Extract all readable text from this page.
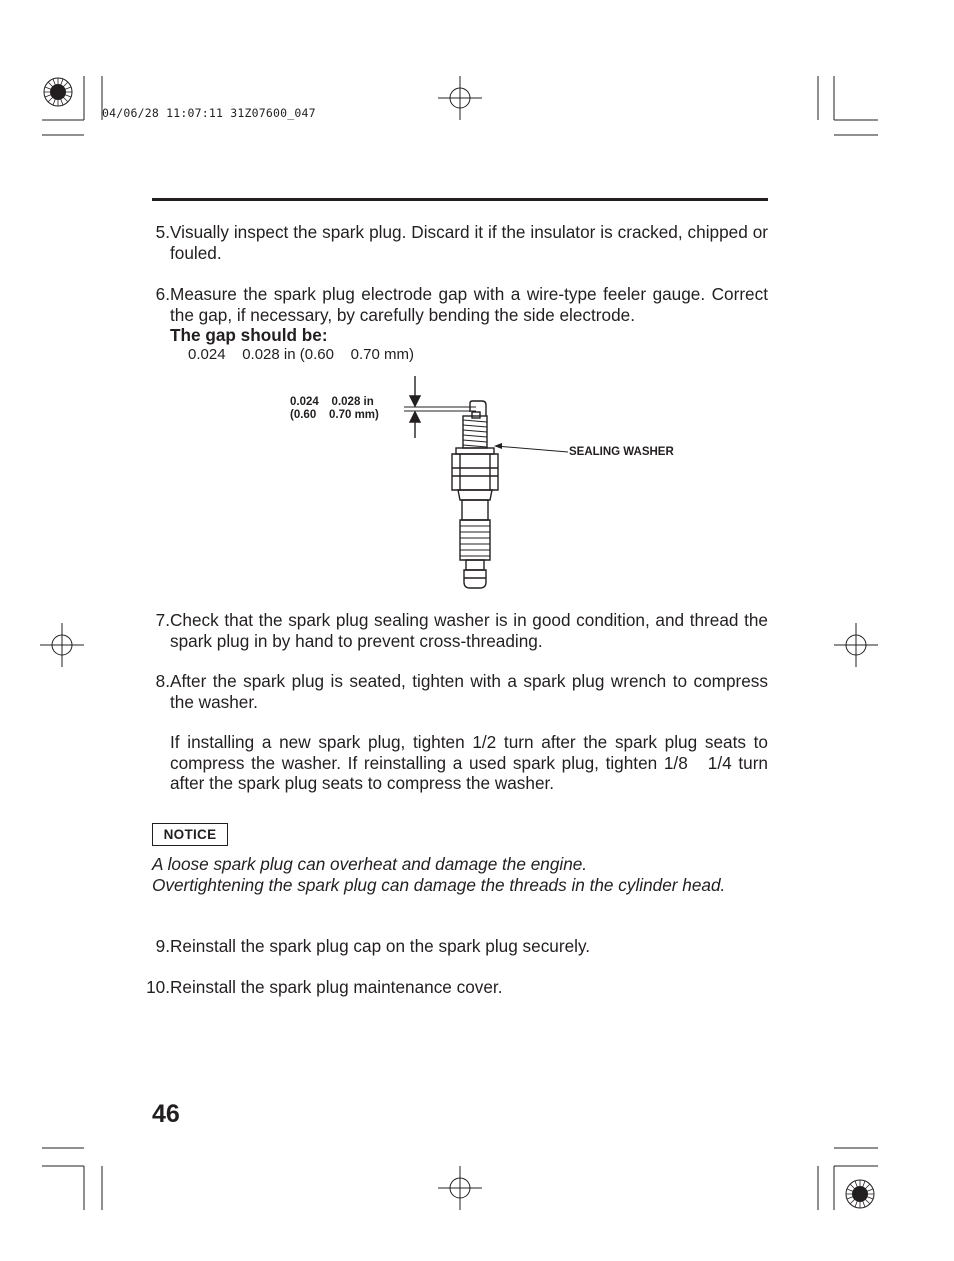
04/06/28 11:07:11 31Z07600_047
5. Visually inspect the spark plug. Discard it if the insulator is cracked, chipped or fouled.
6. Measure the spark plug electrode gap with a wire-type feeler gauge. Correct the gap, if necessary, by carefully bending the side electrode.
The gap should be:
0.024    0.028 in (0.60    0.70 mm)
0.024    0.028 in
(0.60    0.70 mm)
SEALING WASHER
7. Check that the spark plug sealing washer is in good condition, and thread the spark plug in by hand to prevent cross-threading.
8. After the spark plug is seated, tighten with a spark plug wrench to compress the washer.
If installing a new spark plug, tighten 1/2 turn after the spark plug seats to compress the washer. If reinstalling a used spark plug, tighten 1/8   1/4 turn after the spark plug seats to compress the washer.
NOTICE
A loose spark plug can overheat and damage the engine.
Overtightening the spark plug can damage the threads in the cylinder head.
9. Reinstall the spark plug cap on the spark plug securely.
10. Reinstall the spark plug maintenance cover.
46
